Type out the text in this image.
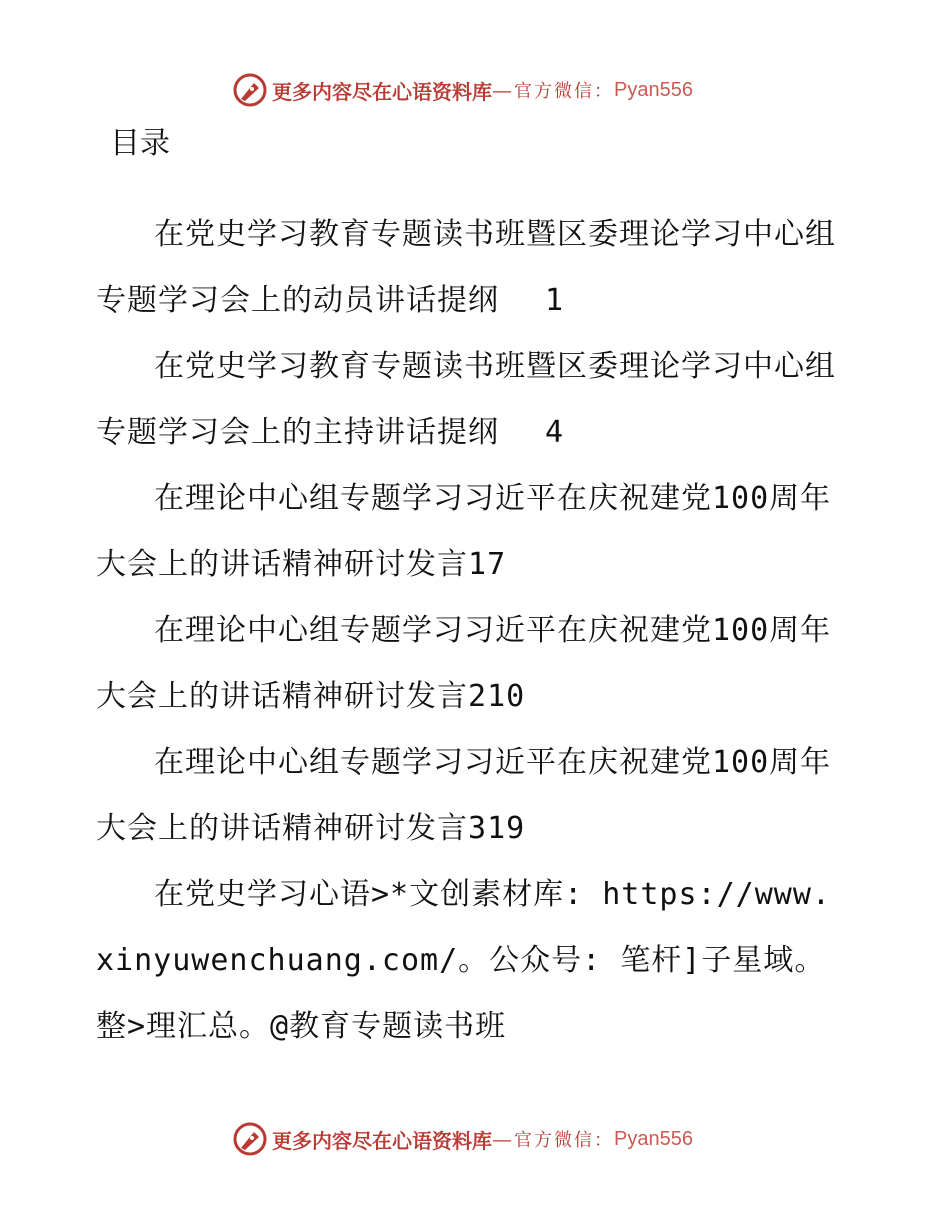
更多内容尽在心语资料库 — 官方微信： Pyan556
目录

在党史学习教育专题读书班暨区委理论学习中心组专题学习会上的动员讲话提纲 1

在党史学习教育专题读书班暨区委理论学习中心组专题学习会上的主持讲话提纲 4

在理论中心组专题学习习近平在庆祝建党100周年大会上的讲话精神研讨发言17

在理论中心组专题学习习近平在庆祝建党100周年大会上的讲话精神研讨发言210

在理论中心组专题学习习近平在庆祝建党100周年大会上的讲话精神研讨发言319

在党史学习心语>*文创素材库: https://www.xinyuwenchuang.com/。公众号: 笔杆]子星域。整>理汇总。@教育专题读书班

更多内容尽在心语资料库 — 官方微信： Pyan556
